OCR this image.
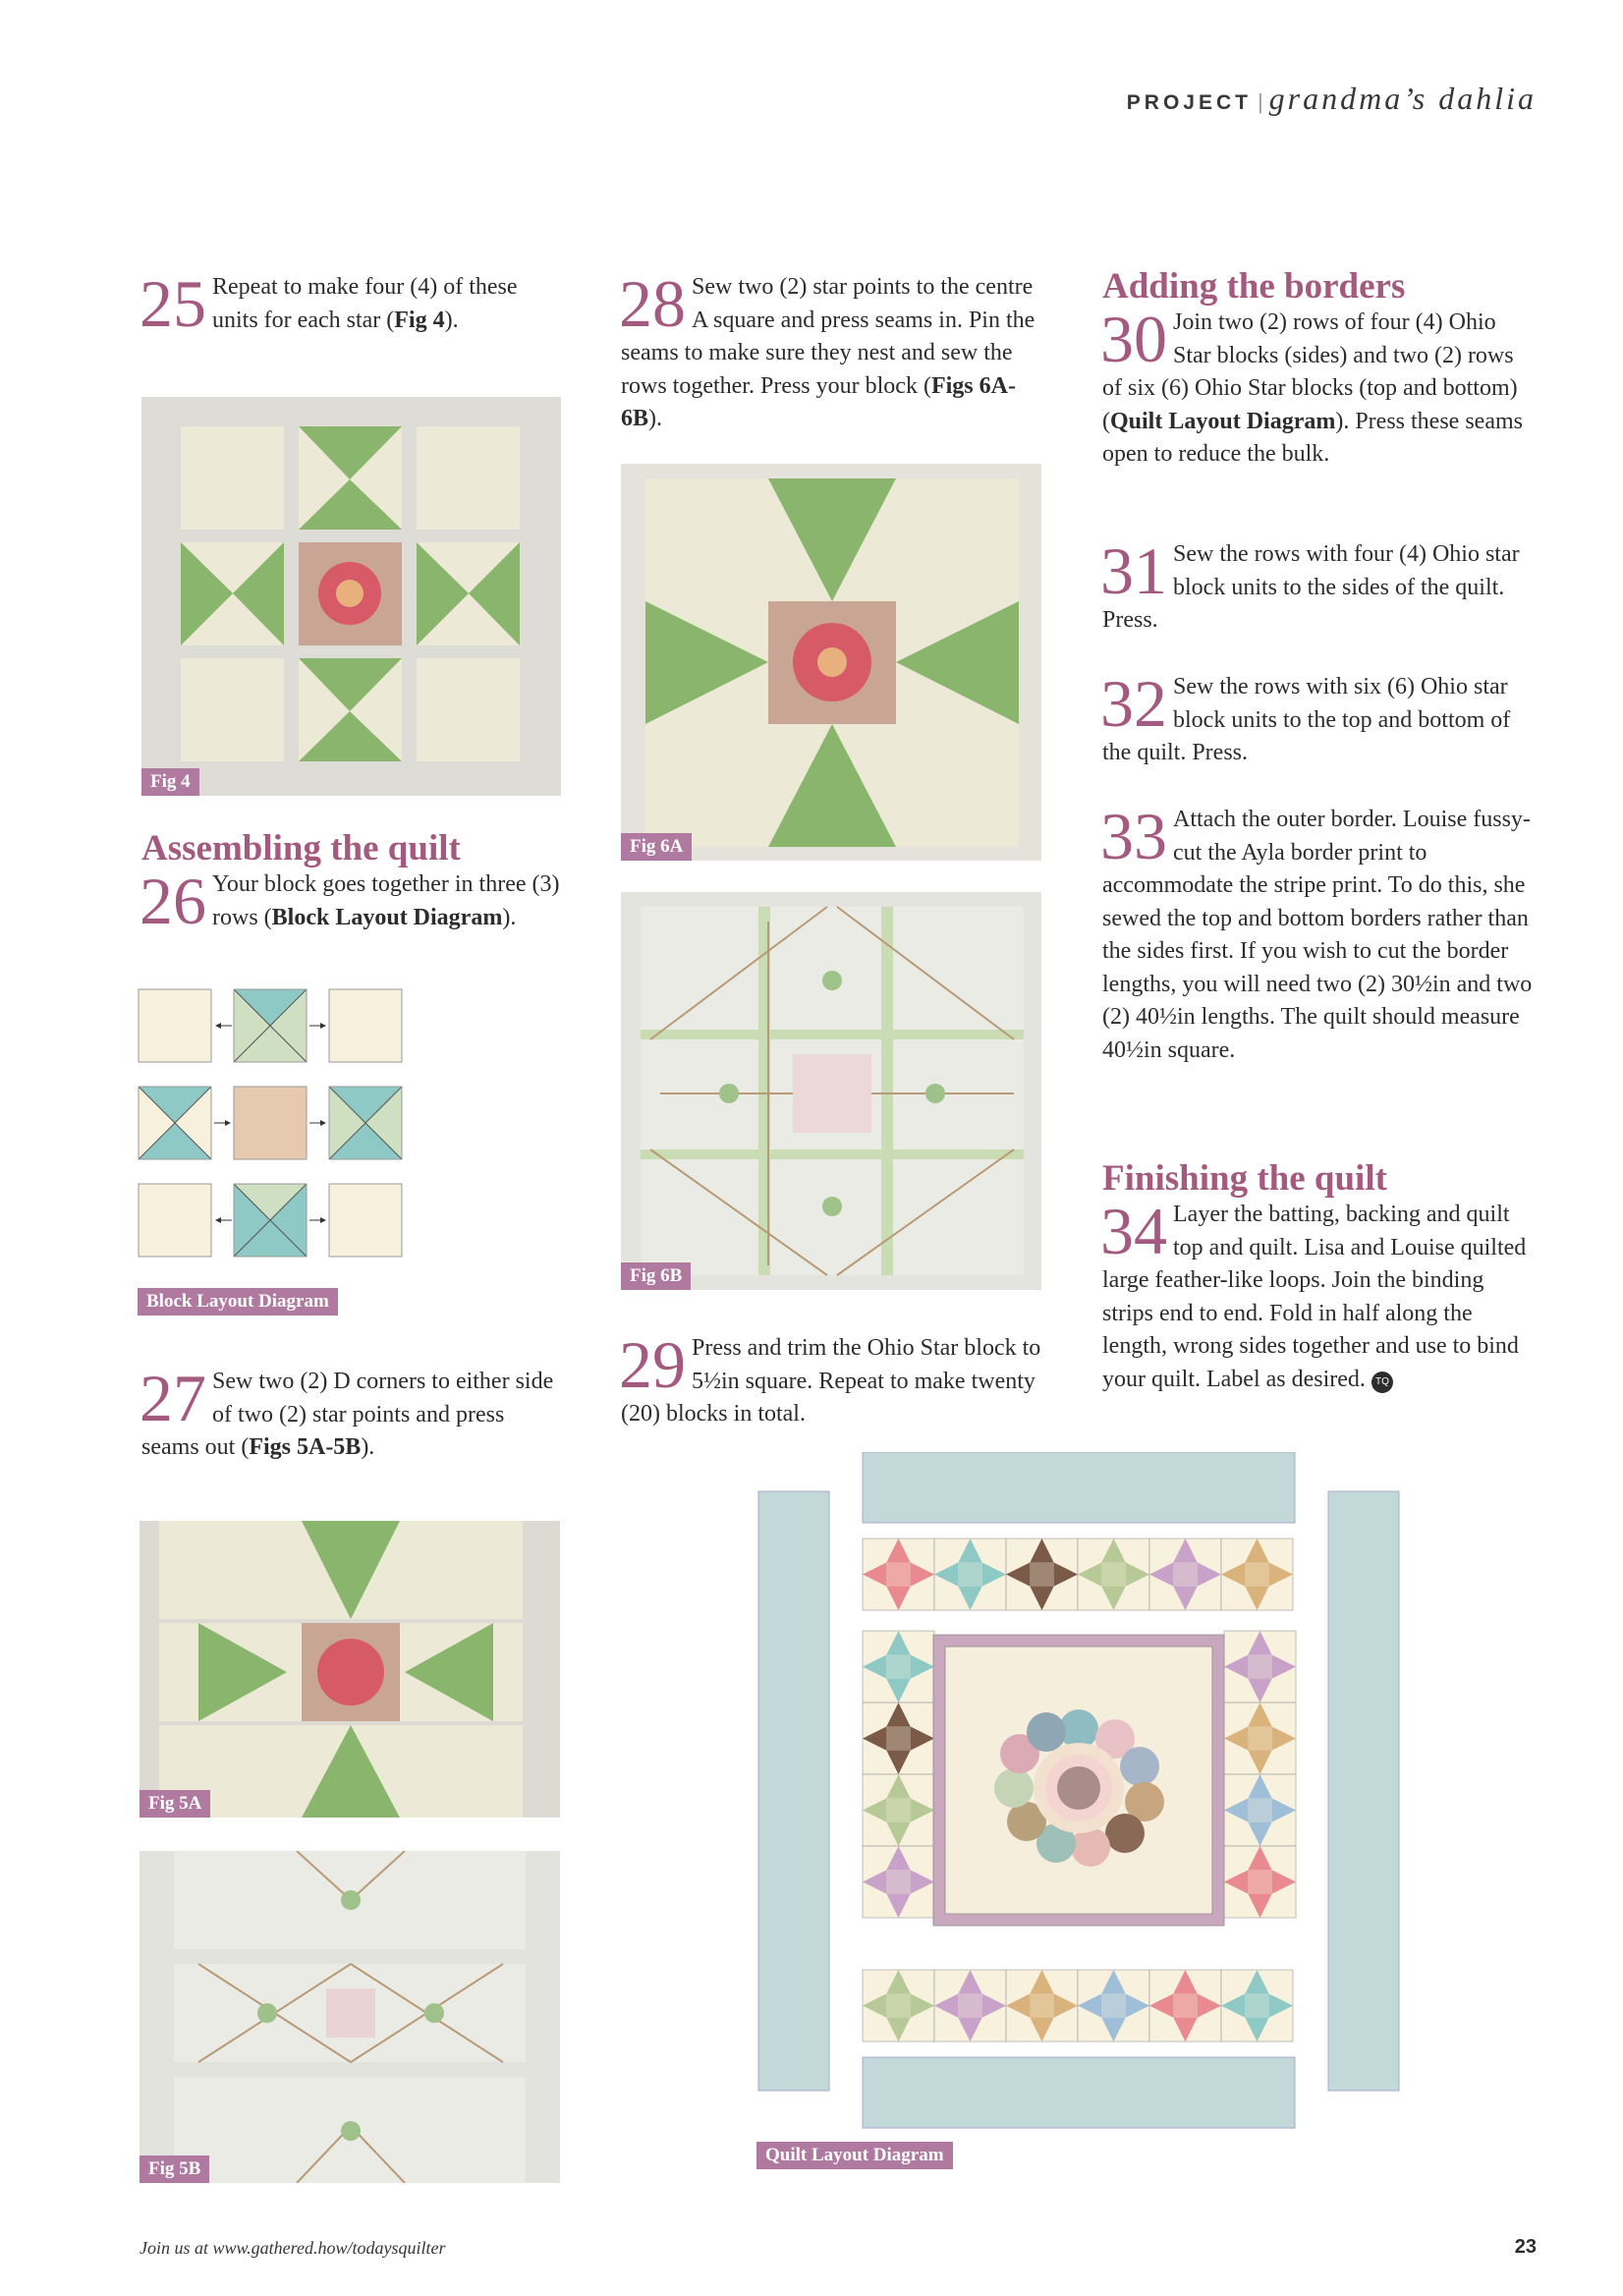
PROJECT | grandma’s dahlia
25 Repeat to make four (4) of these units for each star (Fig 4).
Fig 4
Assembling the quilt
26 Your block goes together in three (3) rows (Block Layout Diagram).
Block Layout Diagram
27 Sew two (2) D corners to either side of two (2) star points and press seams out (Figs 5A-5B).
Fig 5A
Fig 5B
28 Sew two (2) star points to the centre A square and press seams in. Pin the seams to make sure they nest and sew the rows together. Press your block (Figs 6A-6B).
Fig 6A
Fig 6B
29 Press and trim the Ohio Star block to 5½in square. Repeat to make twenty (20) blocks in total.
Adding the borders
30 Join two (2) rows of four (4) Ohio Star blocks (sides) and two (2) rows of six (6) Ohio Star blocks (top and bottom) (Quilt Layout Diagram). Press these seams open to reduce the bulk.
31 Sew the rows with four (4) Ohio star block units to the sides of the quilt. Press.
32 Sew the rows with six (6) Ohio star block units to the top and bottom of the quilt. Press.
33 Attach the outer border. Louise fussy-cut the Ayla border print to accommodate the stripe print. To do this, she sewed the top and bottom borders rather than the sides first. If you wish to cut the border lengths, you will need two (2) 30½in and two (2) 40½in lengths. The quilt should measure 40½in square.
Finishing the quilt
34 Layer the batting, backing and quilt top and quilt. Lisa and Louise quilted large feather-like loops. Join the binding strips end to end. Fold in half along the length, wrong sides together and use to bind your quilt. Label as desired. TQ
Quilt Layout Diagram
Join us at www.gathered.how/todaysquilter	23
